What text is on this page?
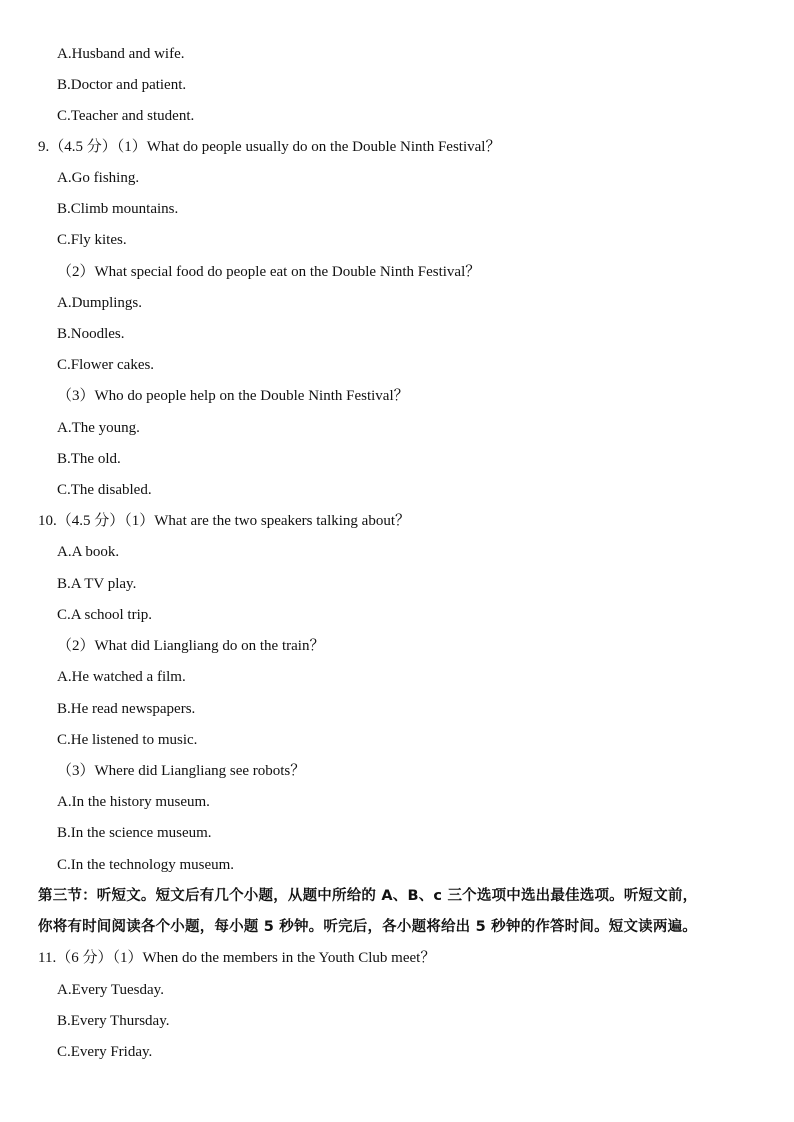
A.Husband and wife.
B.Doctor and patient.
C.Teacher and student.
9.（4.5 分）（1）What do people usually do on the Double Ninth Festival？
A.Go fishing.
B.Climb mountains.
C.Fly kites.
（2）What special food do people eat on the Double Ninth Festival？
A.Dumplings.
B.Noodles.
C.Flower cakes.
（3）Who do people help on the Double Ninth Festival？
A.The young.
B.The old.
C.The disabled.
10.（4.5 分）（1）What are the two speakers talking about？
A.A book.
B.A TV play.
C.A school trip.
（2）What did Liangliang do on the train？
A.He watched a film.
B.He read newspapers.
C.He listened to music.
（3）Where did Liangliang see robots？
A.In the history museum.
B.In the science museum.
C.In the technology museum.
第三节：听短文。短文后有几个小题，从题中所给的 A、B、c 三个选项中选出最佳选项。听短文前，
你将有时间阅读各个小题，每小题 5 秒钟。听完后，各小题将给出 5 秒钟的作答时间。短文读两遍。
11.（6 分）（1）When do the members in the Youth Club meet？
A.Every Tuesday.
B.Every Thursday.
C.Every Friday.
